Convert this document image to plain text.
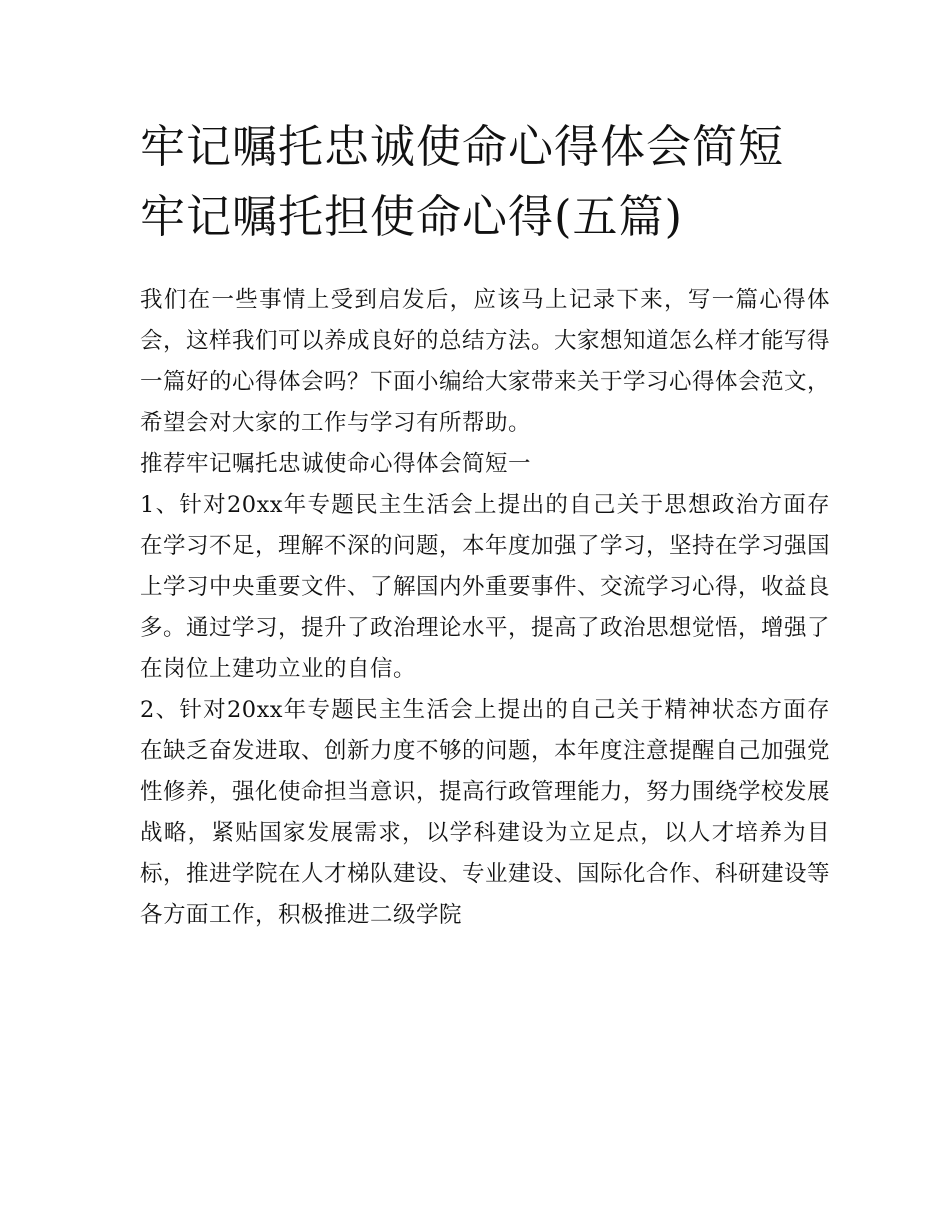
牢记嘱托忠诚使命心得体会简短 牢记嘱托担使命心得(五篇)

我们在一些事情上受到启发后，应该马上记录下来，写一篇心得体会，这样我们可以养成良好的总结方法。大家想知道怎么样才能写得一篇好的心得体会吗？下面小编给大家带来关于学习心得体会范文，希望会对大家的工作与学习有所帮助。

推荐牢记嘱托忠诚使命心得体会简短一

1、针对20xx年专题民主生活会上提出的自己关于思想政治方面存在学习不足，理解不深的问题，本年度加强了学习，坚持在学习强国上学习中央重要文件、了解国内外重要事件、交流学习心得，收益良多。通过学习，提升了政治理论水平，提高了政治思想觉悟，增强了在岗位上建功立业的自信。

2、针对20xx年专题民主生活会上提出的自己关于精神状态方面存在缺乏奋发进取、创新力度不够的问题，本年度注意提醒自己加强党性修养，强化使命担当意识，提高行政管理能力，努力围绕学校发展战略，紧贴国家发展需求，以学科建设为立足点，以人才培养为目标，推进学院在人才梯队建设、专业建设、国际化合作、科研建设等各方面工作，积极推进二级学院
